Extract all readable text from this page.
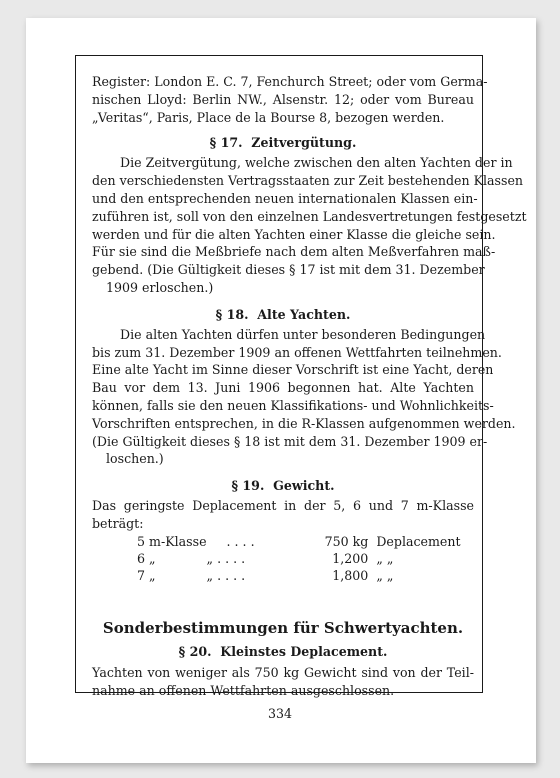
Register: London E. C. 7, Fenchurch Street; oder vom Germa-
nischen Lloyd: Berlin NW., Alsenstr. 12; oder vom Bureau
„Veritas“, Paris, Place de la Bourse 8, bezogen werden.
§ 17. Zeitvergütung.
Die Zeitvergütung, welche zwischen den alten Yachten der in
den verschiedensten Vertragsstaaten zur Zeit bestehenden Klassen
und den entsprechenden neuen internationalen Klassen ein-
zuführen ist, soll von den einzelnen Landesvertretungen festgesetzt
werden und für die alten Yachten einer Klasse die gleiche sein.
Für sie sind die Meßbriefe nach dem alten Meßverfahren maß-
gebend. (Die Gültigkeit dieses § 17 ist mit dem 31. Dezember
1909 erloschen.)
§ 18. Alte Yachten.
Die alten Yachten dürfen unter besonderen Bedingungen
bis zum 31. Dezember 1909 an offenen Wettfahrten teilnehmen.
Eine alte Yacht im Sinne dieser Vorschrift ist eine Yacht, deren
Bau vor dem 13. Juni 1906 begonnen hat. Alte Yachten
können, falls sie den neuen Klassifikations- und Wohnlichkeits-
Vorschriften entsprechen, in die R-Klassen aufgenommen werden.
(Die Gültigkeit dieses § 18 ist mit dem 31. Dezember 1909 er-
loschen.)
§ 19. Gewicht.
Das geringste Deplacement in der 5, 6 und 7 m-Klasse
beträgt:
5 m-Klasse	. . . .	750 kg	Deplacement
6 „	„ . . . .	1,200	„ „
7 „	„ . . . .	1,800	„ „
Sonderbestimmungen für Schwertyachten.
§ 20. Kleinstes Deplacement.
Yachten von weniger als 750 kg Gewicht sind von der Teil-
nahme an offenen Wettfahrten ausgeschlossen.
334
